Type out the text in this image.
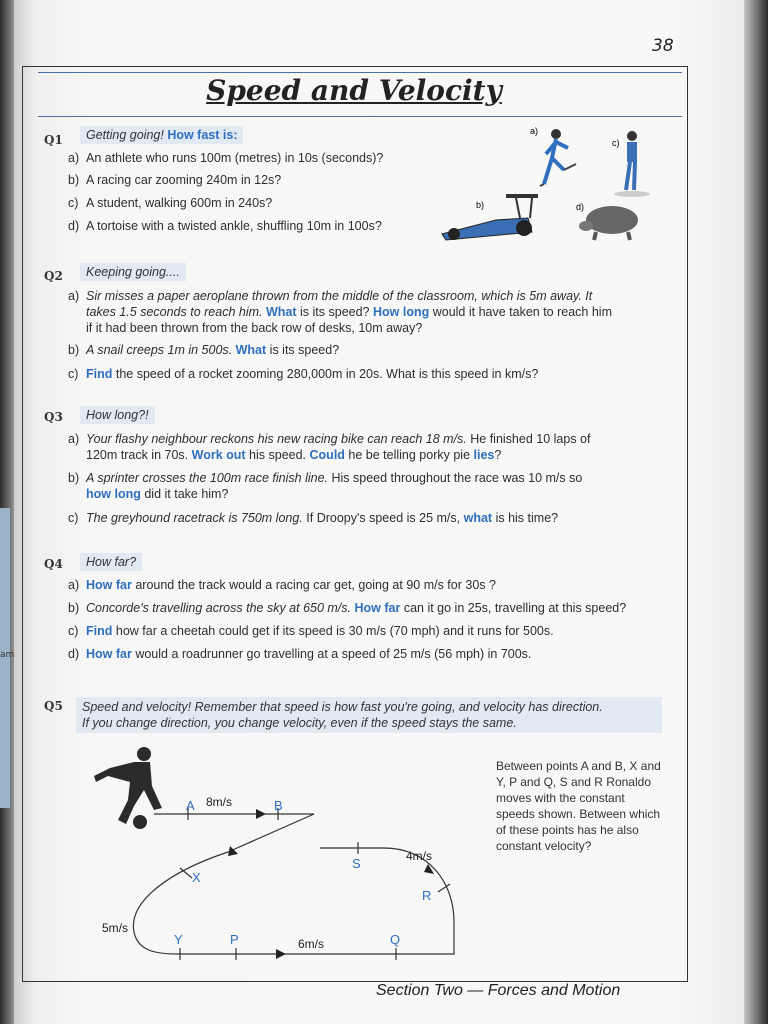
am
38
Speed and Velocity
Q1	Getting going! How fast is:
a) An athlete who runs 100m (metres) in 10s (seconds)?
b) A racing car zooming 240m in 12s?
c) A student, walking 600m in 240s?
d) A tortoise with a twisted ankle, shuffling 10m in 100s?
a)
c)
b)	d)
Q2	Keeping going....
a) Sir misses a paper aeroplane thrown from the middle of the classroom, which is 5m away. It
takes 1.5 seconds to reach him. What is its speed? How long would it have taken to reach him
if it had been thrown from the back row of desks, 10m away?
b) A snail creeps 1m in 500s. What is its speed?
c) Find the speed of a rocket zooming 280,000m in 20s. What is this speed in km/s?
Q3	How long?!
a) Your flashy neighbour reckons his new racing bike can reach 18 m/s. He finished 10 laps of
120m track in 70s. Work out his speed. Could he be telling porky pie lies?
b) A sprinter crosses the 100m race finish line. His speed throughout the race was 10 m/s so
how long did it take him?
c) The greyhound racetrack is 750m long. If Droopy's speed is 25 m/s, what is his time?
Q4	How far?
a) How far around the track would a racing car get, going at 90 m/s for 30s ?
b) Concorde's travelling across the sky at 650 m/s. How far can it go in 25s, travelling at this speed?
c) Find how far a cheetah could get if its speed is 30 m/s (70 mph) and it runs for 500s.
d) How far would a roadrunner go travelling at a speed of 25 m/s (56 mph) in 700s.
Q5	Speed and velocity! Remember that speed is how fast you're going, and velocity has direction.
If you change direction, you change velocity, even if the speed stays the same.
Between points A and B, X and Y, P and Q, S and R Ronaldo moves with the constant speeds shown. Between which of these points has he also constant velocity?
A	B
8m/s
X
Y	P	Q
S
R
4m/s
5m/s
6m/s
Section Two — Forces and Motion
